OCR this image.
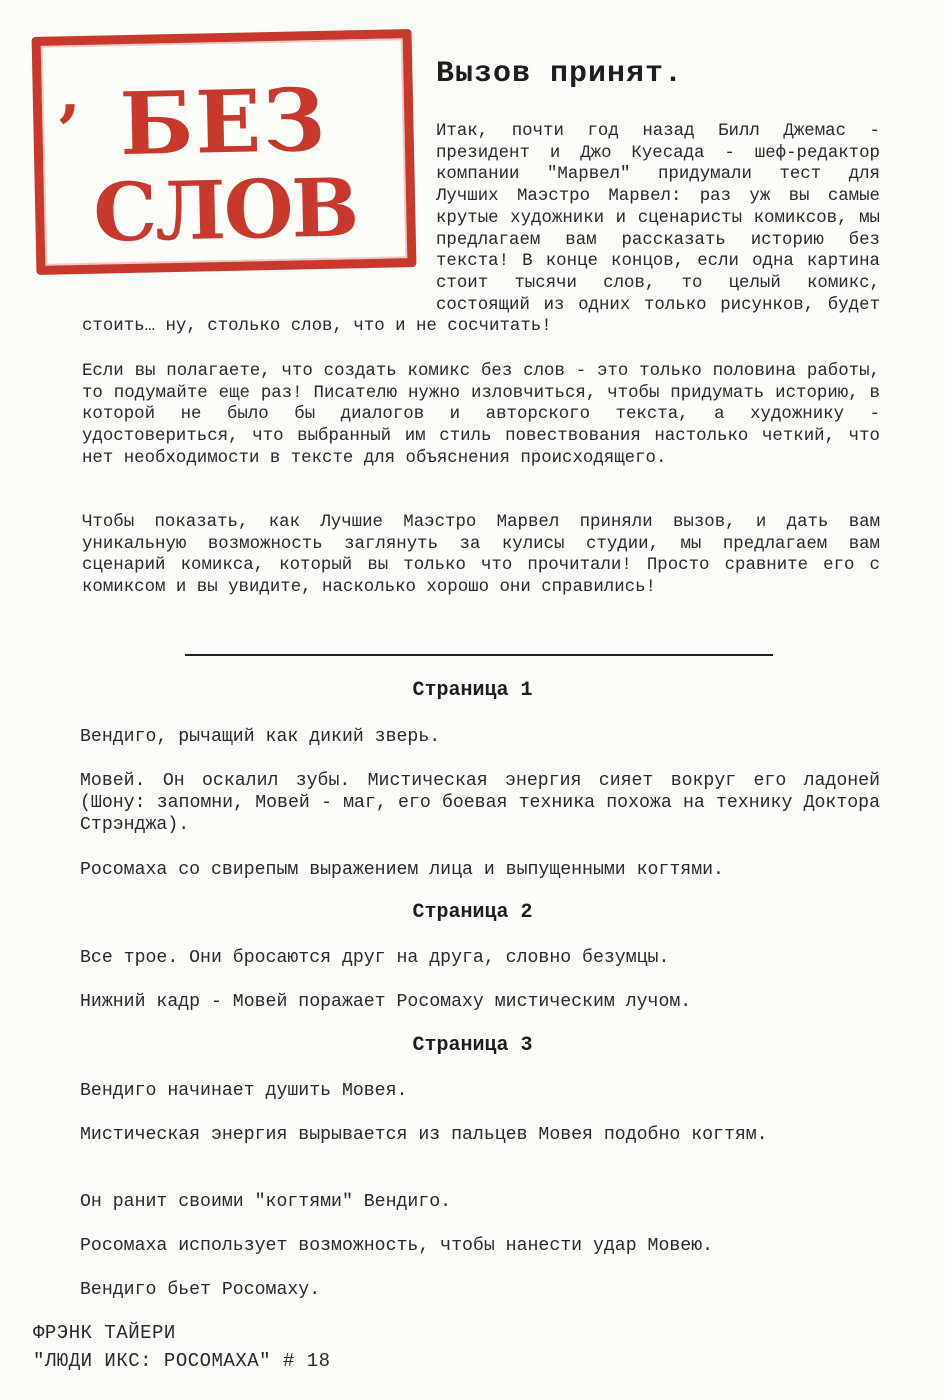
’ БЕЗ
СЛОВ
Вызов принят.
Итак, почти год назад Билл Джемас - президент и Джо Куесада - шеф-редактор компании "Марвел" придумали тест для Лучших Маэстро Марвел: раз уж вы самые крутые художники и сценаристы комиксов, мы предлагаем вам рассказать историю без текста! В конце концов, если одна картина стоит тысячи слов, то целый комикс, состоящий из одних только рисунков, будет стоить… ну, столько слов, что и не сосчитать!

Если вы полагаете, что создать комикс без слов - это только половина работы, то подумайте еще раз! Писателю нужно изловчиться, чтобы придумать историю, в которой не было бы диалогов и авторского текста, а художнику - удостовериться, что выбранный им стиль повествования настолько четкий, что нет необходимости в тексте для объяснения происходящего.

Чтобы показать, как Лучшие Маэстро Марвел приняли вызов, и дать вам уникальную возможность заглянуть за кулисы студии, мы предлагаем вам сценарий комикса, который вы только что прочитали! Просто сравните его с комиксом и вы увидите, насколько хорошо они справились!

Страница 1

Вендиго, рычащий как дикий зверь.

Мовей. Он оскалил зубы. Мистическая энергия сияет вокруг его ладоней (Шону: запомни, Мовей - маг, его боевая техника похожа на технику Доктора Стрэнджа).

Росомаха со свирепым выражением лица и выпущенными когтями.

Страница 2

Все трое. Они бросаются друг на друга, словно безумцы.

Нижний кадр - Мовей поражает Росомаху мистическим лучом.

Страница 3

Вендиго начинает душить Мовея.

Мистическая энергия вырывается из пальцев Мовея подобно когтям.

Он ранит своими "когтями" Вендиго.

Росомаха использует возможность, чтобы нанести удар Мовею.

Вендиго бьет Росомаху.

ФРЭНК ТАЙЕРИ

"ЛЮДИ ИКС: РОСОМАХА" # 18
